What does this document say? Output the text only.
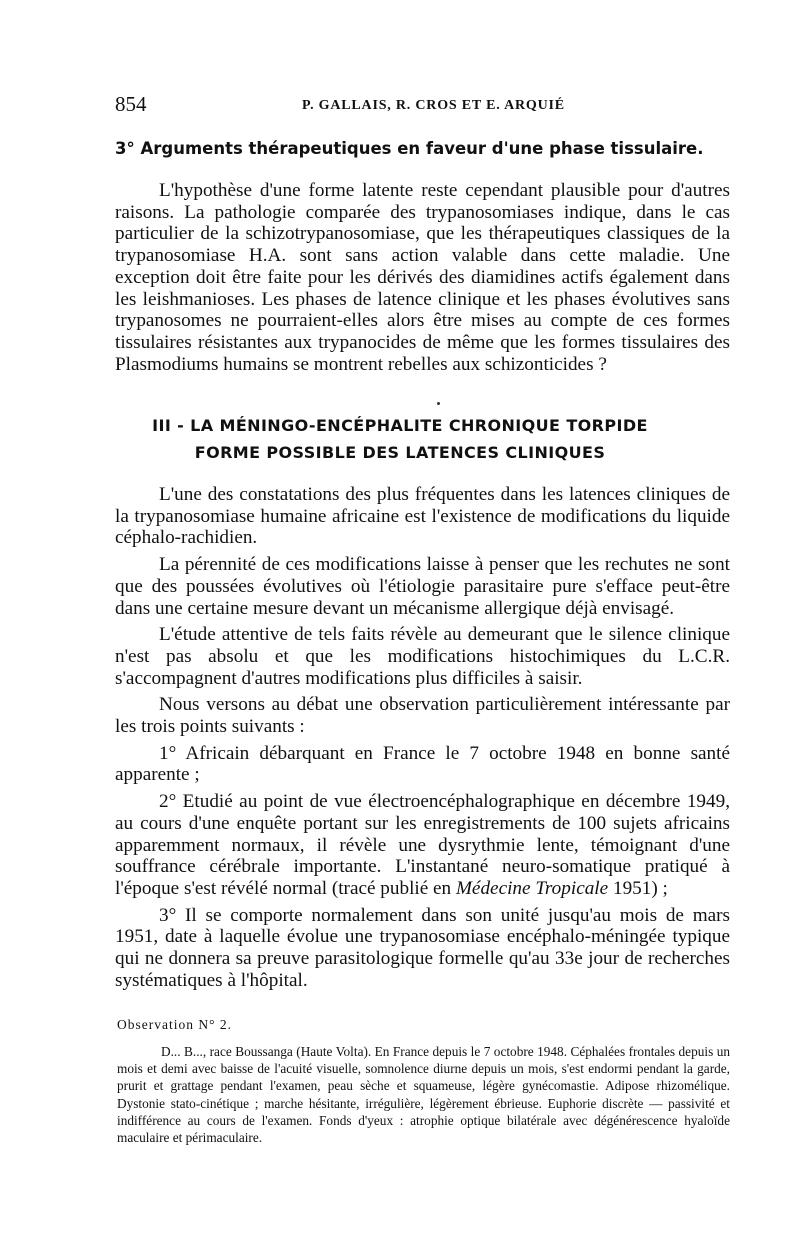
854	P. GALLAIS, R. CROS ET E. ARQUIÉ
3° Arguments thérapeutiques en faveur d'une phase tissulaire.

L'hypothèse d'une forme latente reste cependant plausible pour d'autres raisons. La pathologie comparée des trypanosomiases indique, dans le cas particulier de la schizotrypanosomiase, que les thérapeutiques classiques de la trypanosomiase H.A. sont sans action valable dans cette maladie. Une exception doit être faite pour les dérivés des diamidines actifs également dans les leishmanioses. Les phases de latence clinique et les phases évolutives sans trypanosomes ne pourraient-elles alors être mises au compte de ces formes tissulaires résistantes aux trypanocides de même que les formes tissulaires des Plasmodiums humains se montrent rebelles aux schizonticides ?

III - LA MÉNINGO-ENCÉPHALITE CHRONIQUE TORPIDE
FORME POSSIBLE DES LATENCES CLINIQUES

L'une des constatations des plus fréquentes dans les latences cliniques de la trypanosomiase humaine africaine est l'existence de modifications du liquide céphalo-rachidien.

La pérennité de ces modifications laisse à penser que les rechutes ne sont que des poussées évolutives où l'étiologie parasitaire pure s'efface peut-être dans une certaine mesure devant un mécanisme allergique déjà envisagé.

L'étude attentive de tels faits révèle au demeurant que le silence clinique n'est pas absolu et que les modifications histochimiques du L.C.R. s'accompagnent d'autres modifications plus difficiles à saisir.

Nous versons au débat une observation particulièrement intéressante par les trois points suivants :

1° Africain débarquant en France le 7 octobre 1948 en bonne santé apparente ;

2° Etudié au point de vue électroencéphalographique en décembre 1949, au cours d'une enquête portant sur les enregistrements de 100 sujets africains apparemment normaux, il révèle une dysrythmie lente, témoignant d'une souffrance cérébrale importante. L'instantané neuro-somatique pratiqué à l'époque s'est révélé normal (tracé publié en Médecine Tropicale 1951) ;

3° Il se comporte normalement dans son unité jusqu'au mois de mars 1951, date à laquelle évolue une trypanosomiase encéphalo-méningée typique qui ne donnera sa preuve parasitologique formelle qu'au 33e jour de recherches systématiques à l'hôpital.

Observation N° 2.

D... B..., race Boussanga (Haute Volta). En France depuis le 7 octobre 1948. Céphalées frontales depuis un mois et demi avec baisse de l'acuité visuelle, somnolence diurne depuis un mois, s'est endormi pendant la garde, prurit et grattage pendant l'examen, peau sèche et squameuse, légère gynécomastie. Adipose rhizomélique. Dystonie stato-cinétique ; marche hésitante, irrégulière, légèrement ébrieuse. Euphorie discrète — passivité et indifférence au cours de l'examen. Fonds d'yeux : atrophie optique bilatérale avec dégénérescence hyaloïde maculaire et périmaculaire.
